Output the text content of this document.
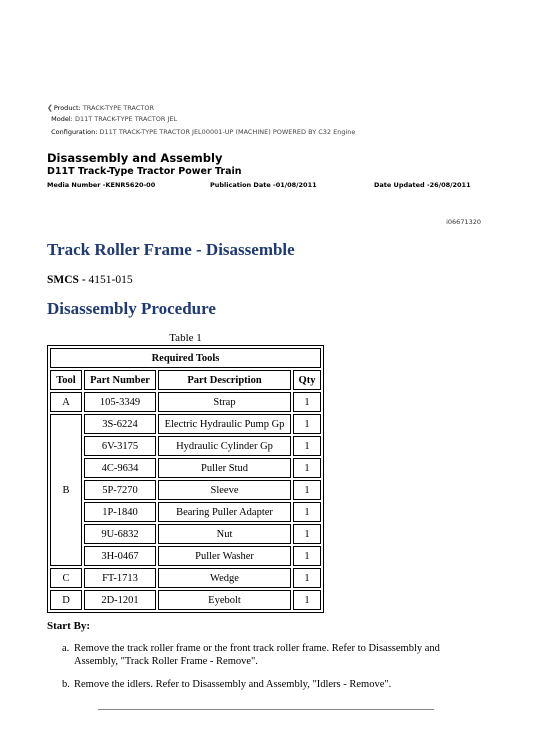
❮Product: TRACK-TYPE TRACTOR
Model: D11T TRACK-TYPE TRACTOR JEL
Configuration: D11T TRACK-TYPE TRACTOR JEL00001-UP (MACHINE) POWERED BY C32 Engine
Disassembly and Assembly
D11T Track-Type Tractor Power Train
Media Number -KENR5620-00	Publication Date -01/08/2011	Date Updated -26/08/2011
i06671320
Track Roller Frame - Disassemble
SMCS - 4151-015
Disassembly Procedure
Table 1
Required Tools			
Tool	Part Number	Part Description	Qty
A	105-3349	Strap	1
B	3S-6224	Electric Hydraulic Pump Gp	1
	6V-3175	Hydraulic Cylinder Gp	1
	4C-9634	Puller Stud	1
	5P-7270	Sleeve	1
	1P-1840	Bearing Puller Adapter	1
	9U-6832	Nut	1
	3H-0467	Puller Washer	1
C	FT-1713	Wedge	1
D	2D-1201	Eyebolt	1
Start By:
a. Remove the track roller frame or the front track roller frame. Refer to Disassembly and
Assembly, "Track Roller Frame - Remove".
b. Remove the idlers. Refer to Disassembly and Assembly, "Idlers - Remove".
